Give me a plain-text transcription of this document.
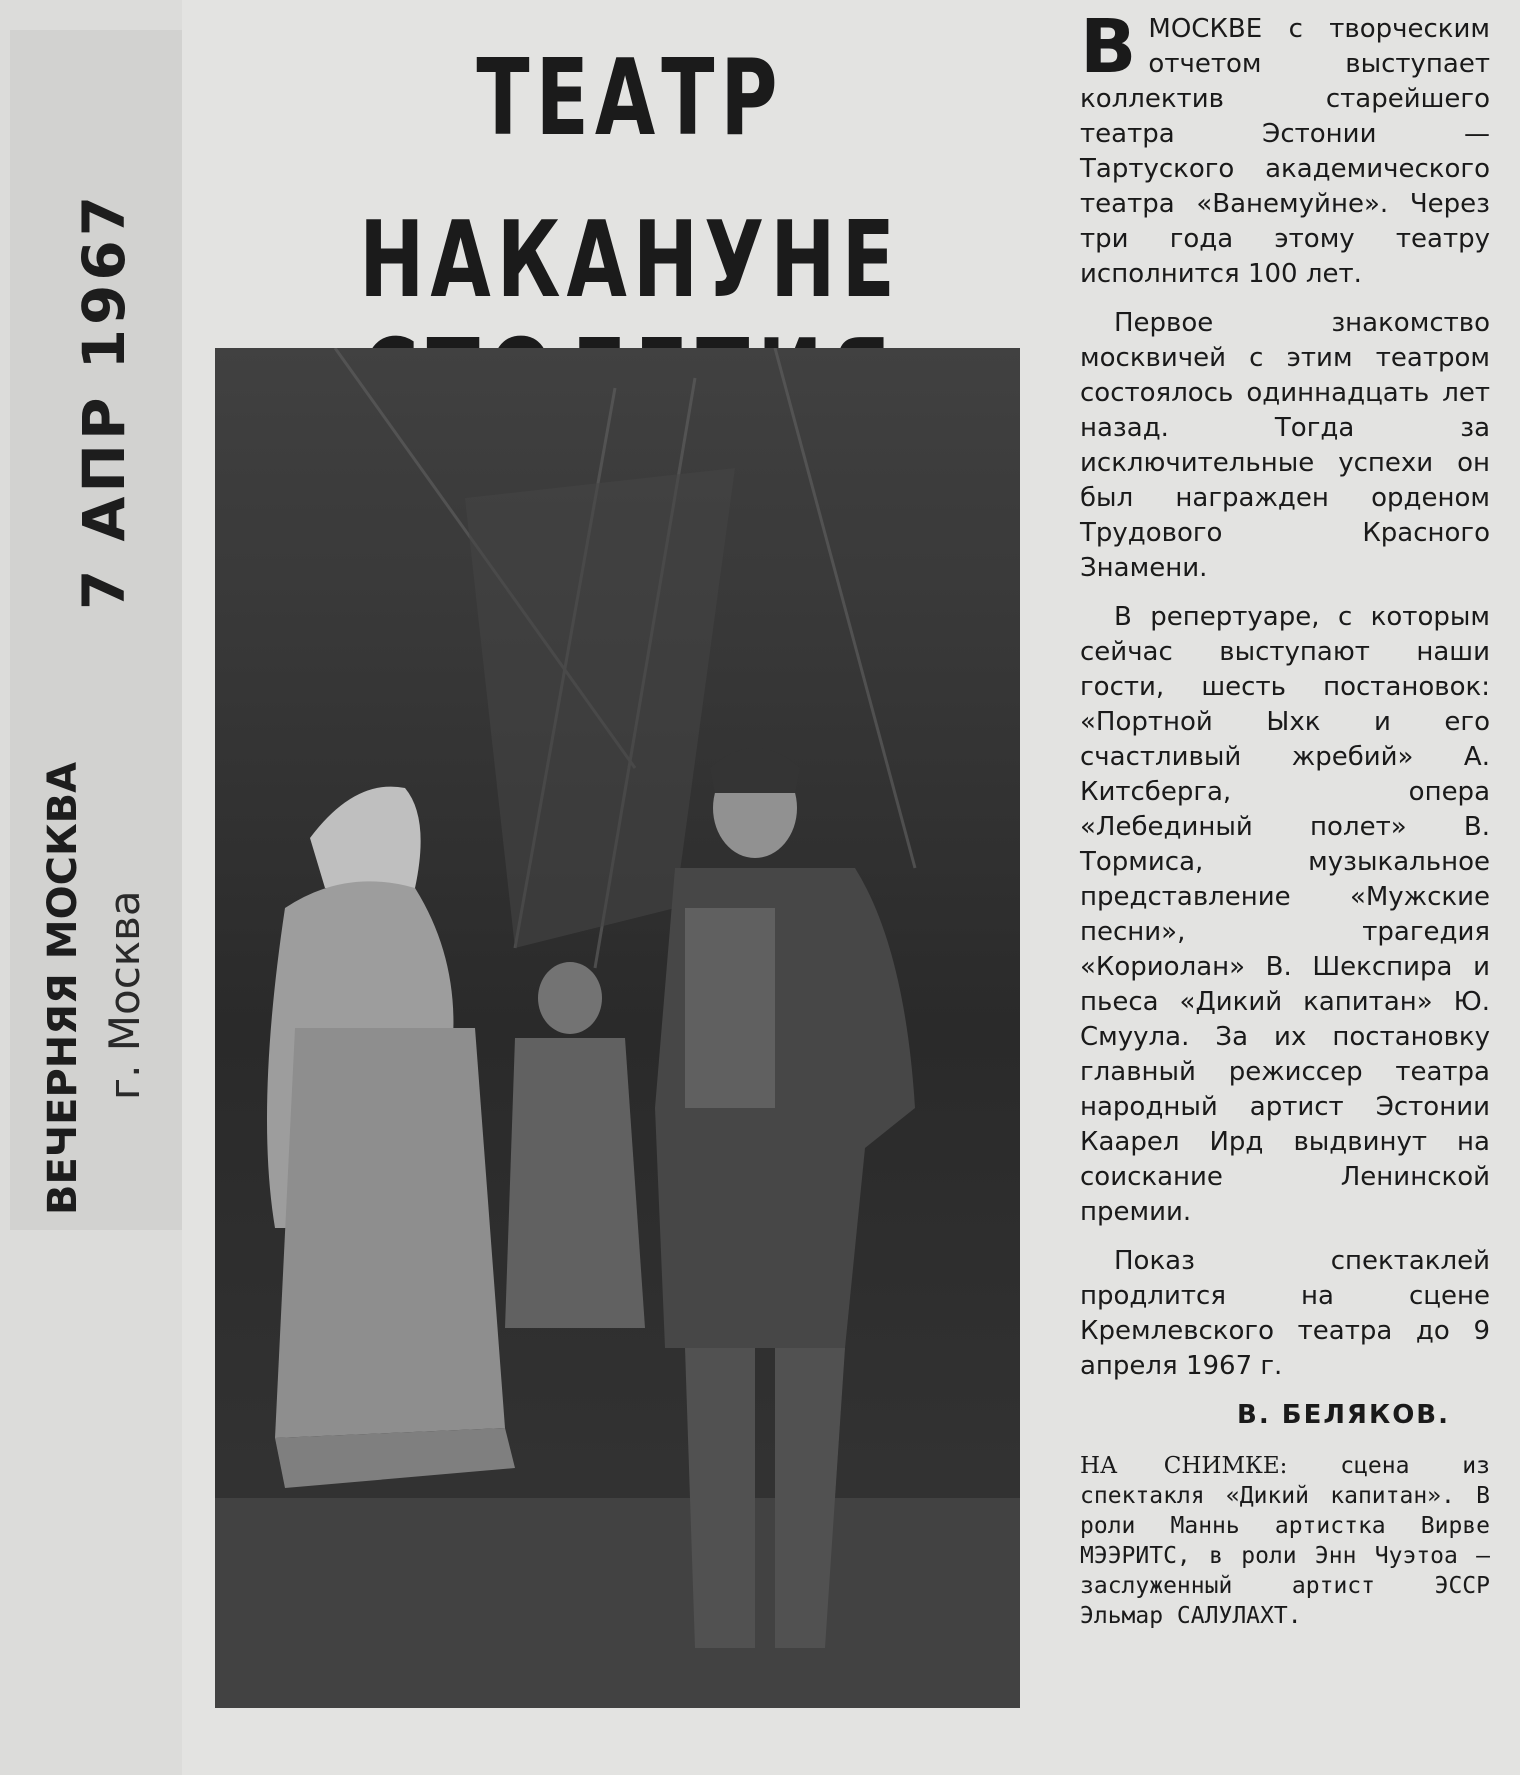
7 АПР 1967
ВЕЧЕРНЯЯ МОСКВА г. Москва
ТЕАТР НАКАНУНЕ

ВМОСКВЕ с творческим отчетом выступает коллектив старейшего театра Эстонии — Тартуского академического театра «Ванемуйне». Через три года этому театру исполнится 100 лет.

Первое знакомство москвичей с этим театром состоялось одиннадцать лет назад. Тогда за исключительные успехи он был награжден орденом Трудового Красного Знамени.

В репертуаре, с которым сейчас выступают наши гости, шесть постановок: «Портной Ыхк и его счастливый жребий» А. Китсберга, опера «Лебединый полет» В. Тормиса, музыкальное представление «Мужские песни», трагедия «Кориолан» В. Шекспира и пьеса «Дикий капитан» Ю. Смуула. За их постановку главный режиссер театра народный артист Эстонии Каарел Ирд выдвинут на соискание Ленинской премии.

Показ спектаклей продлится на сцене Кремлевского театра до 9 апреля 1967 г.

В. БЕЛЯКОВ.
НА СНИМКЕ: сцена из спектакля «Дикий капитан». В роли Маннь артистка Вирве МЭЭРИТС, в роли Энн Чуэтоа — заслуженный артист ЭССР Эльмар САЛУЛАХТ.
